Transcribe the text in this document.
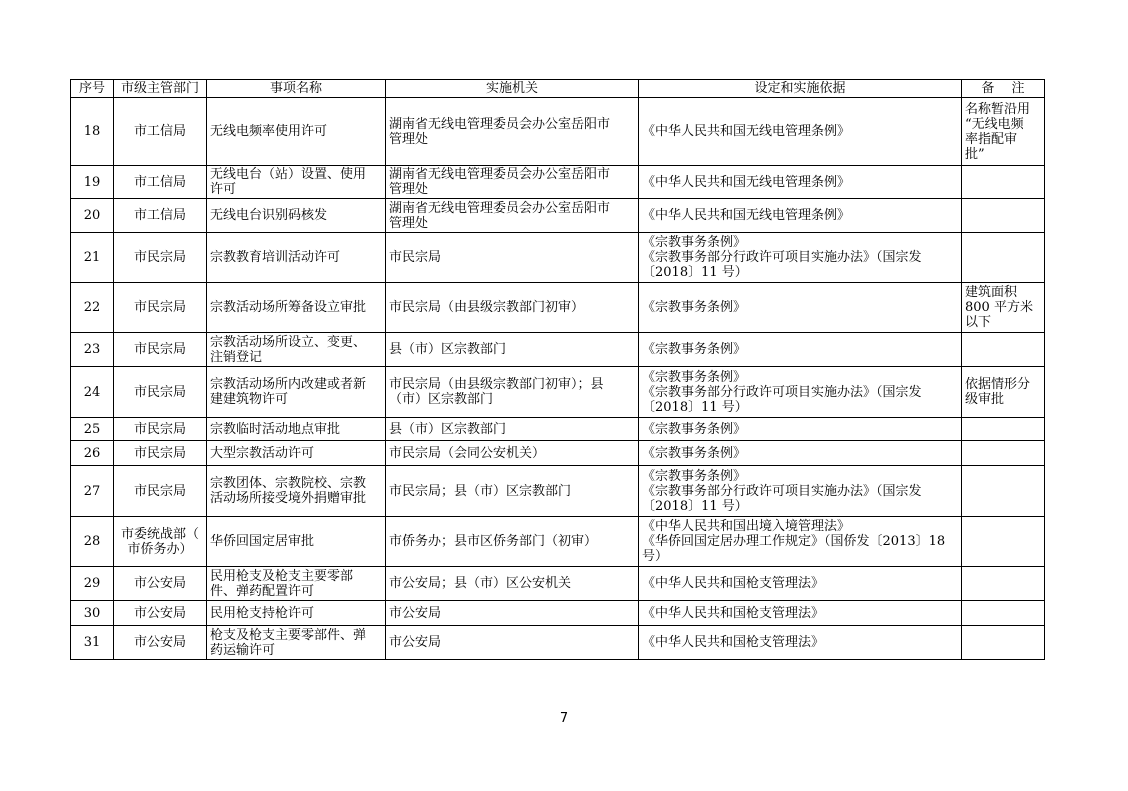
序号	市级主管部门	事项名称	实施机关	设定和实施依据	备　 注
18	市工信局	无线电频率使用许可	湖南省无线电管理委员会办公室岳阳市
管理处	《中华人民共和国无线电管理条例》	名称暂沿用
“无线电频
率指配审
批”

19	市工信局	无线电台（站）设置、使用
许可	湖南省无线电管理委员会办公室岳阳市
管理处	《中华人民共和国无线电管理条例》	

20	市工信局	无线电台识别码核发	湖南省无线电管理委员会办公室岳阳市
管理处	《中华人民共和国无线电管理条例》	

21	市民宗局	宗教教育培训活动许可	市民宗局	《宗教事务条例》
《宗教事务部分行政许可项目实施办法》（国宗发
〔2018〕11 号）	

22	市民宗局	宗教活动场所筹备设立审批	市民宗局（由县级宗教部门初审）	《宗教事务条例》	建筑面积
800 平方米
以下

23	市民宗局	宗教活动场所设立、变更、
注销登记	县（市）区宗教部门	《宗教事务条例》	

24	市民宗局	宗教活动场所内改建或者新
建建筑物许可	市民宗局（由县级宗教部门初审）；县
（市）区宗教部门	《宗教事务条例》
《宗教事务部分行政许可项目实施办法》（国宗发
〔2018〕11 号）	依据情形分
级审批

25	市民宗局	宗教临时活动地点审批	县（市）区宗教部门	《宗教事务条例》	

26	市民宗局	大型宗教活动许可	市民宗局（会同公安机关）	《宗教事务条例》	

27	市民宗局	宗教团体、宗教院校、宗教
活动场所接受境外捐赠审批	市民宗局；县（市）区宗教部门	《宗教事务条例》
《宗教事务部分行政许可项目实施办法》（国宗发
〔2018〕11 号）	

28	市委统战部（
市侨务办）	华侨回国定居审批	市侨务办；县市区侨务部门（初审）	《中华人民共和国出境入境管理法》
《华侨回国定居办理工作规定》（国侨发〔2013〕18
号）	

29	市公安局	民用枪支及枪支主要零部
件、弹药配置许可	市公安局；县（市）区公安机关	《中华人民共和国枪支管理法》	

30	市公安局	民用枪支持枪许可	市公安局	《中华人民共和国枪支管理法》	

31	市公安局	枪支及枪支主要零部件、弹
药运输许可	市公安局	《中华人民共和国枪支管理法》	

7
